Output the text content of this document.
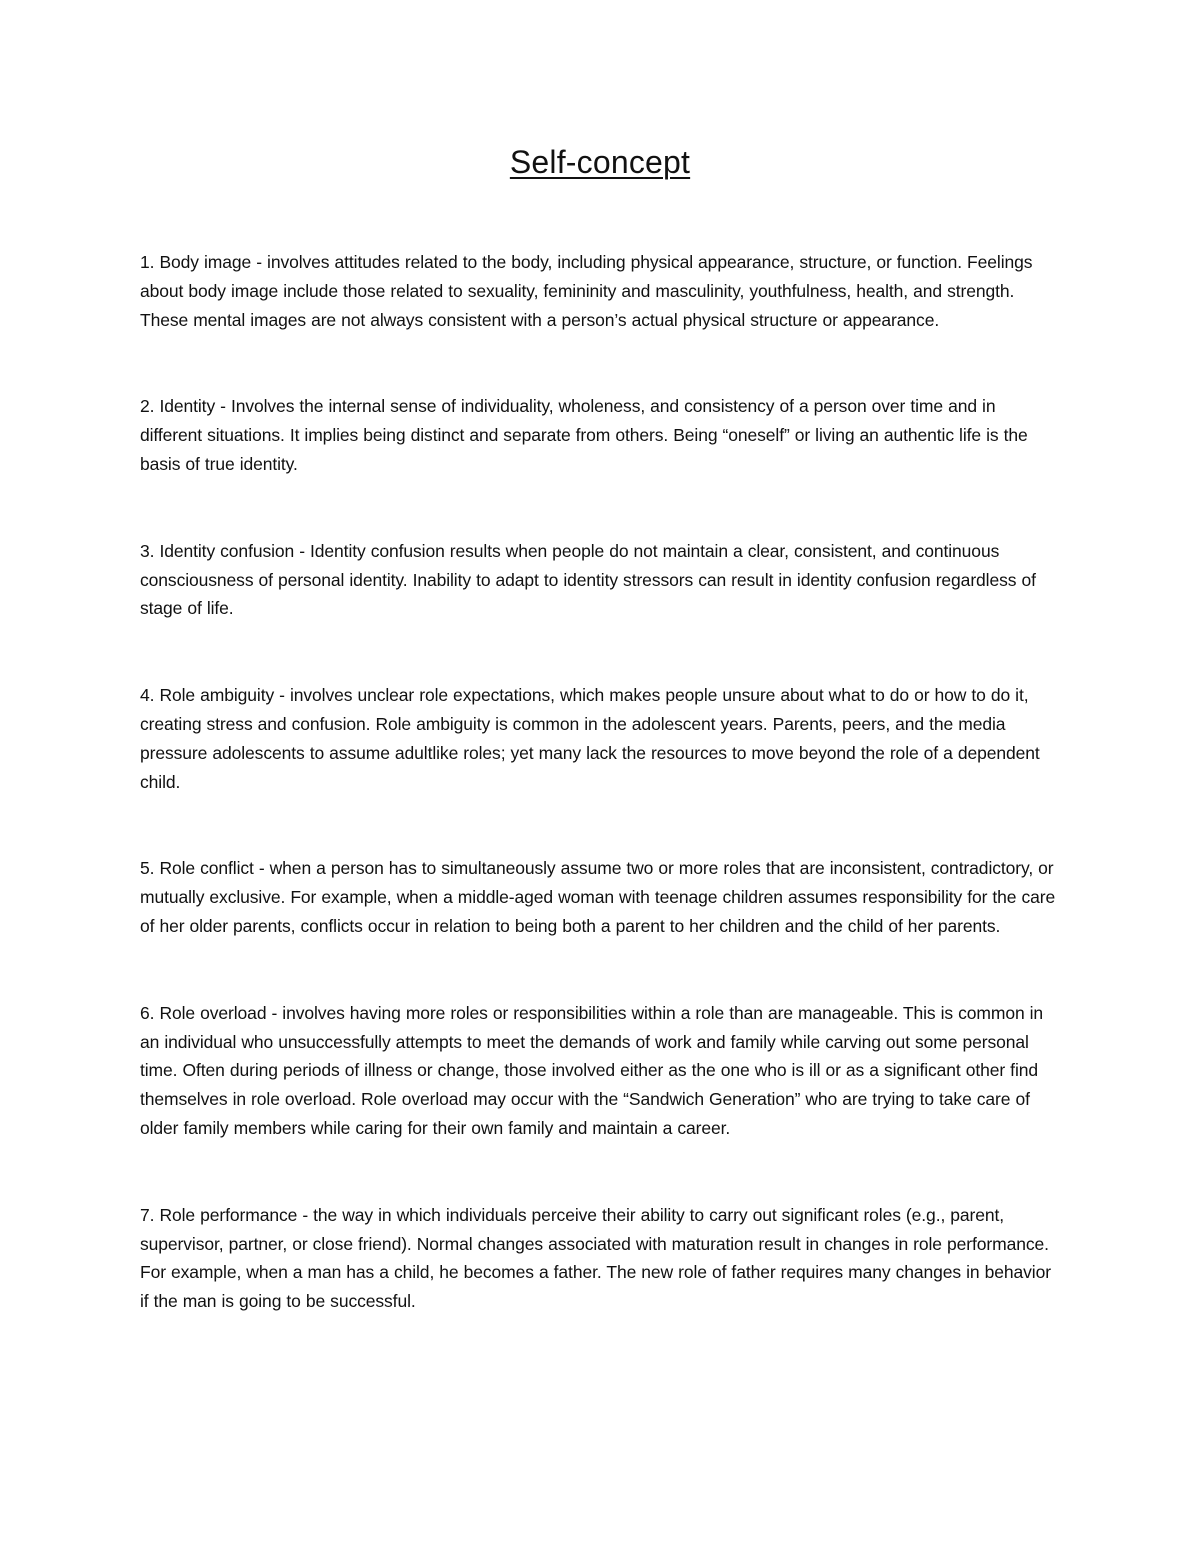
Self-concept

1. Body image - involves attitudes related to the body, including physical appearance, structure, or function. Feelings about body image include those related to sexuality, femininity and masculinity, youthfulness, health, and strength. These mental images are not always consistent with a person’s actual physical structure or appearance.

2. Identity - Involves the internal sense of individuality, wholeness, and consistency of a person over time and in different situations. It implies being distinct and separate from others. Being “oneself” or living an authentic life is the basis of true identity.

3. Identity confusion - Identity confusion results when people do not maintain a clear, consistent, and continuous consciousness of personal identity. Inability to adapt to identity stressors can result in identity confusion regardless of stage of life.

4. Role ambiguity - involves unclear role expectations, which makes people unsure about what to do or how to do it, creating stress and confusion. Role ambiguity is common in the adolescent years. Parents, peers, and the media pressure adolescents to assume adultlike roles; yet many lack the resources to move beyond the role of a dependent child.

5. Role conflict - when a person has to simultaneously assume two or more roles that are inconsistent, contradictory, or mutually exclusive. For example, when a middle-aged woman with teenage children assumes responsibility for the care of her older parents, conflicts occur in relation to being both a parent to her children and the child of her parents.

6. Role overload - involves having more roles or responsibilities within a role than are manageable. This is common in an individual who unsuccessfully attempts to meet the demands of work and family while carving out some personal time. Often during periods of illness or change, those involved either as the one who is ill or as a significant other find themselves in role overload. Role overload may occur with the “Sandwich Generation” who are trying to take care of older family members while caring for their own family and maintain a career.

7. Role performance - the way in which individuals perceive their ability to carry out significant roles (e.g., parent, supervisor, partner, or close friend). Normal changes associated with maturation result in changes in role performance. For example, when a man has a child, he becomes a father. The new role of father requires many changes in behavior if the man is going to be successful.
